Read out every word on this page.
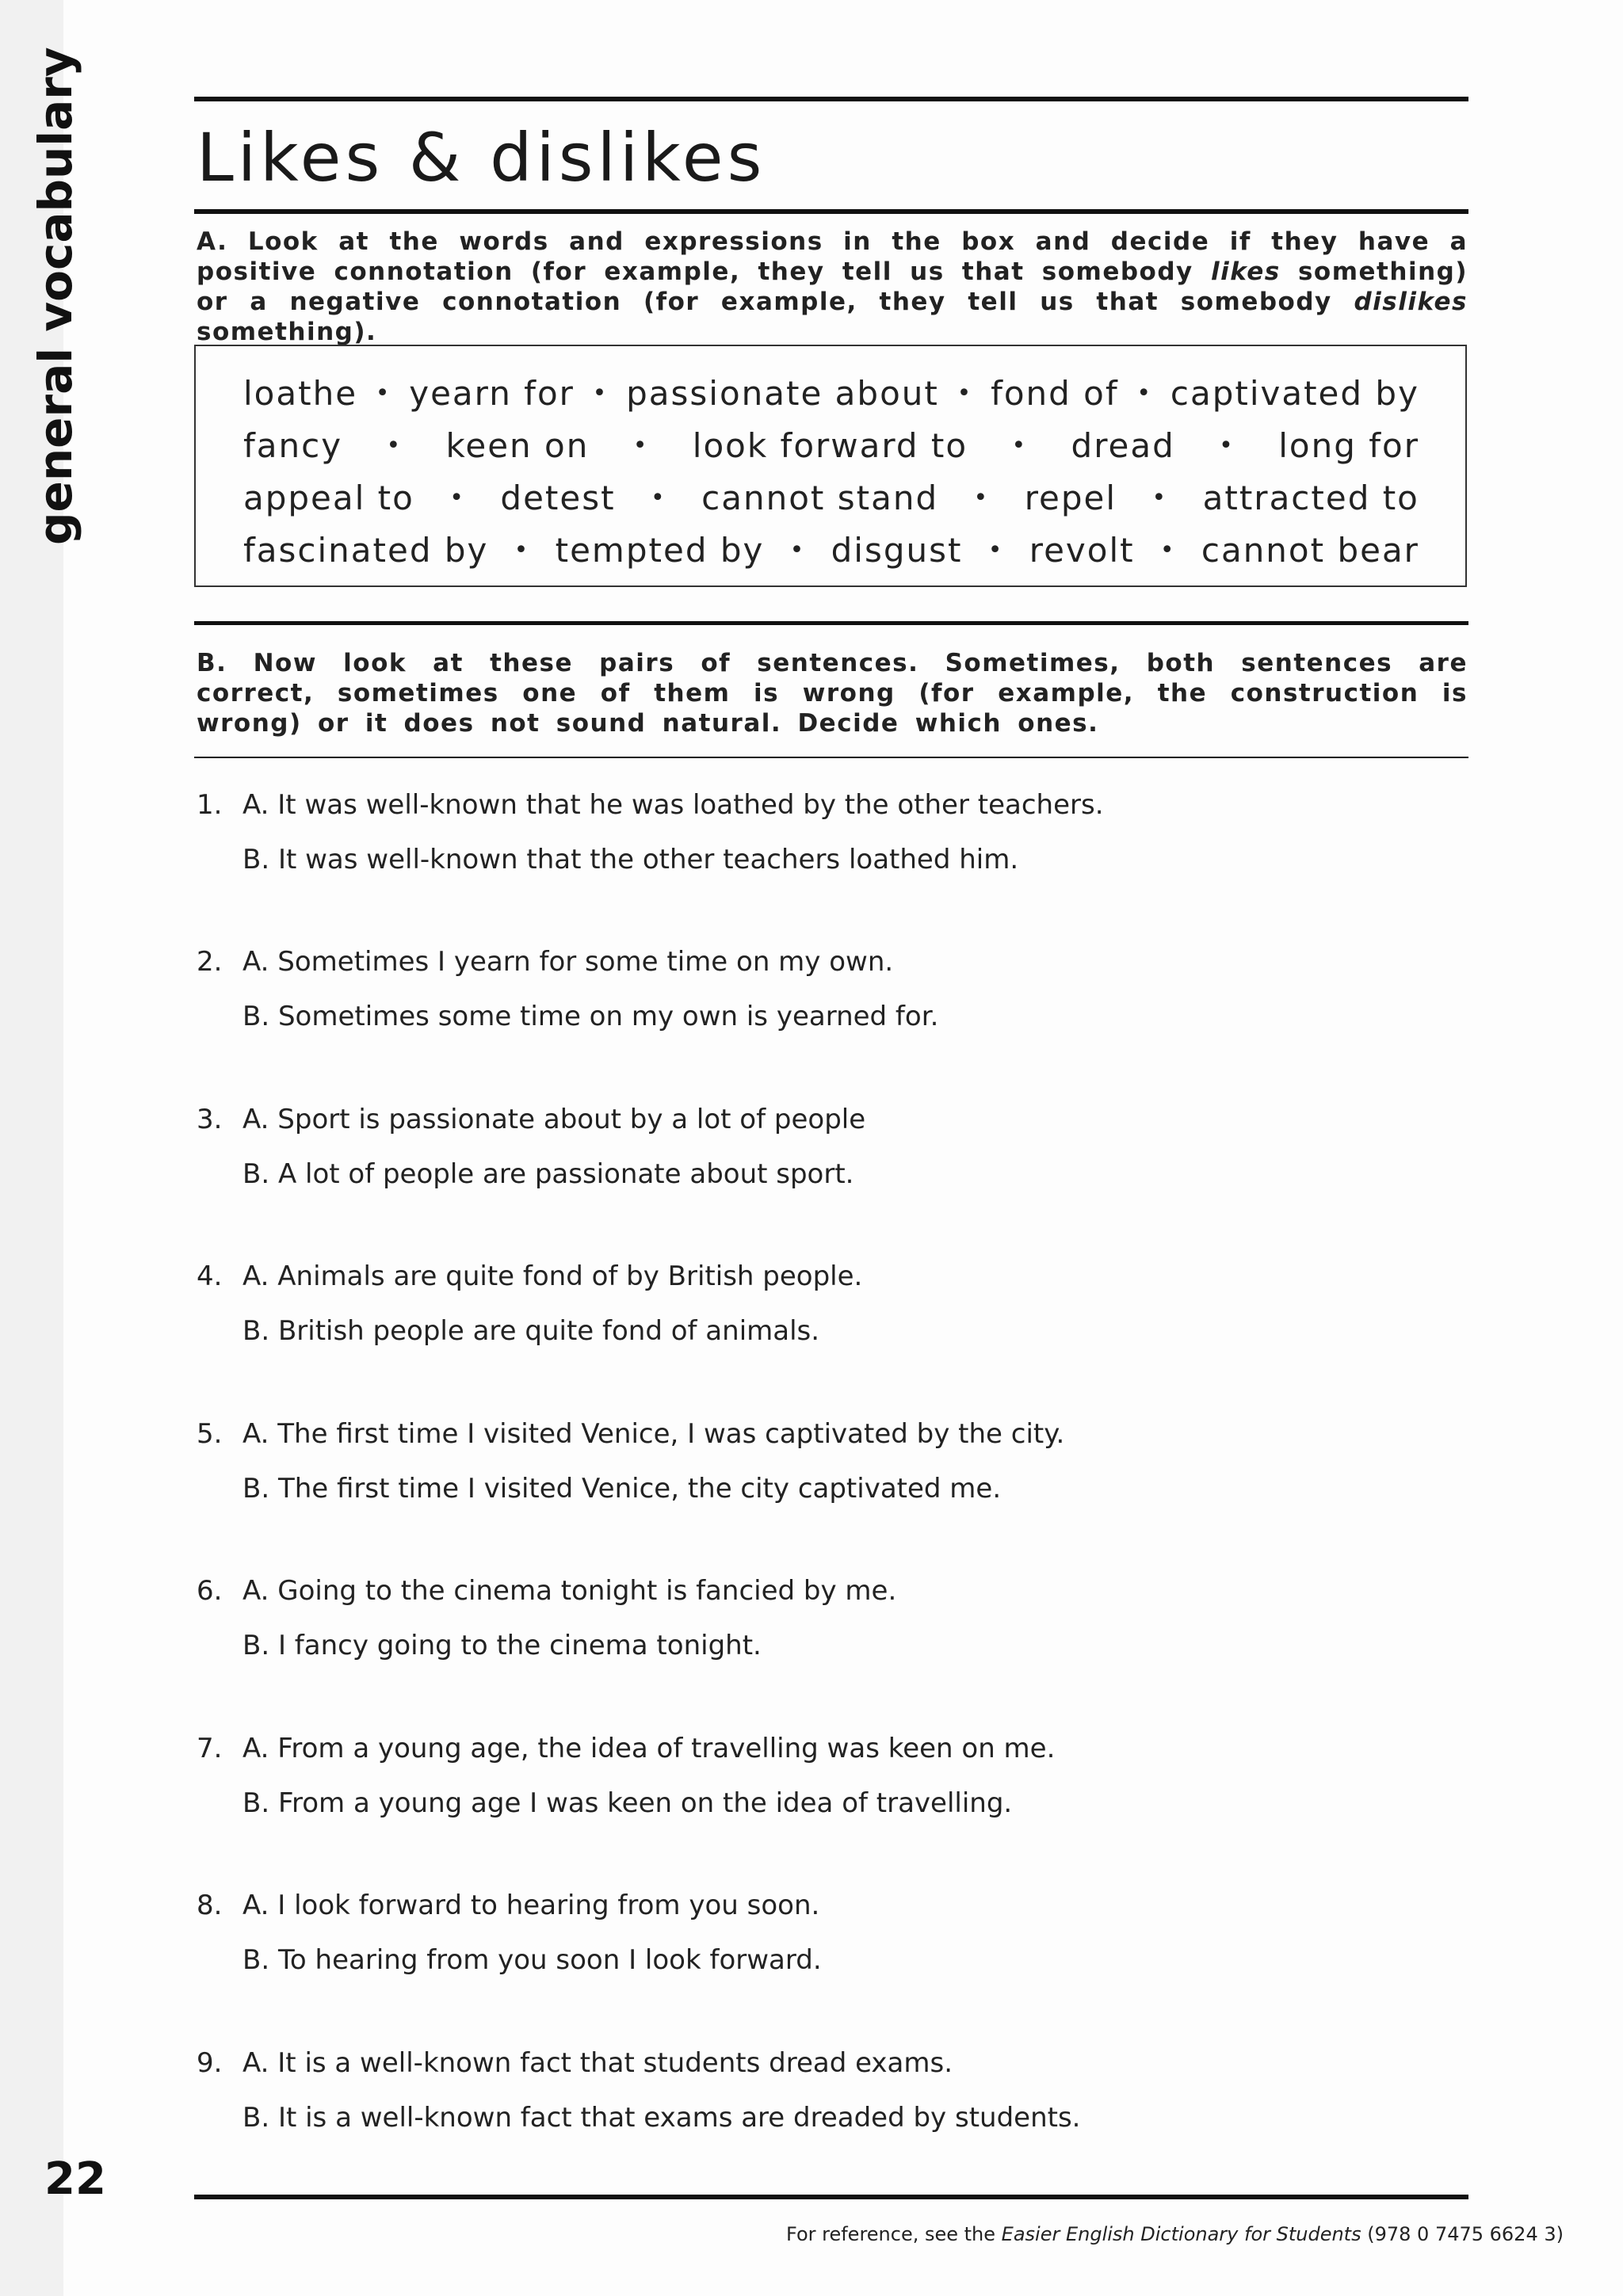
general vocabulary Likes & dislikes
A. Look at the words and expressions in the box and decide if they have a positive connotation (for example, they tell us that somebody likes something) or a negative connotation (for example, they tell us that somebody dislikes something).
loathe • yearn for • passionate about • fond of • captivated by
fancy • keen on • look forward to • dread • long for
appeal to • detest • cannot stand • repel • attracted to
fascinated by • tempted by • disgust • revolt • cannot bear
B. Now look at these pairs of sentences. Sometimes, both sentences are correct, sometimes one of them is wrong (for example, the construction is wrong) or it does not sound natural. Decide which ones.
1. A. It was well-known that he was loathed by the other teachers.
B. It was well-known that the other teachers loathed him.
2. A. Sometimes I yearn for some time on my own.
B. Sometimes some time on my own is yearned for.
3. A. Sport is passionate about by a lot of people
B. A lot of people are passionate about sport.
4. A. Animals are quite fond of by British people.
B. British people are quite fond of animals.
5. A. The first time I visited Venice, I was captivated by the city.
B. The first time I visited Venice, the city captivated me.
6. A. Going to the cinema tonight is fancied by me.
B. I fancy going to the cinema tonight.
7. A. From a young age, the idea of travelling was keen on me.
B. From a young age I was keen on the idea of travelling.
8. A. I look forward to hearing from you soon.
B. To hearing from you soon I look forward.
9. A. It is a well-known fact that students dread exams.
B. It is a well-known fact that exams are dreaded by students.
22
For reference, see the Easier English Dictionary for Students (978 0 7475 6624 3)
